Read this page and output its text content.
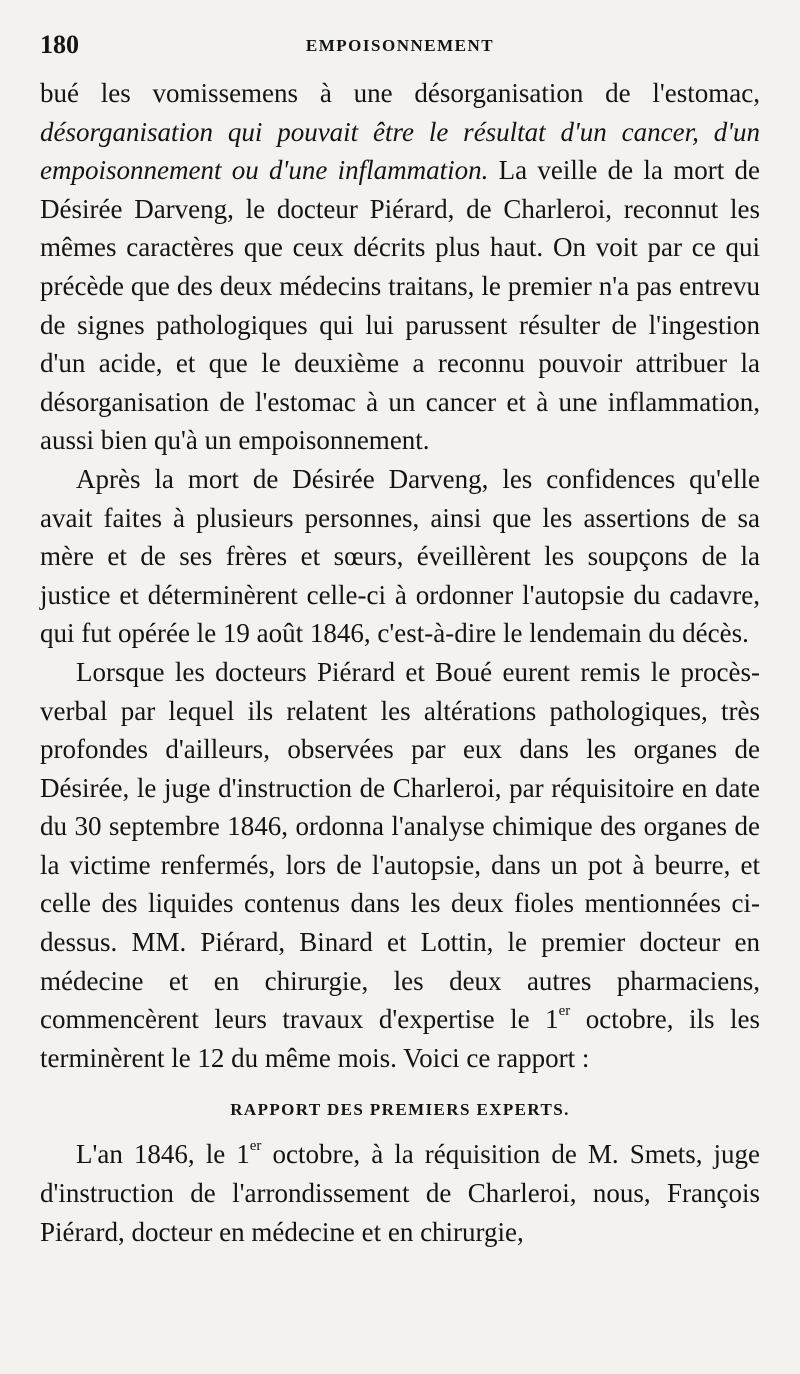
180	EMPOISONNEMENT

bué les vomissemens à une désorganisation de l'estomac, désorganisation qui pouvait être le résultat d'un cancer, d'un empoisonnement ou d'une inflammation. La veille de la mort de Désirée Darveng, le docteur Piérard, de Charleroi, reconnut les mêmes caractères que ceux décrits plus haut. On voit par ce qui précède que des deux médecins traitans, le premier n'a pas entrevu de signes pathologiques qui lui parussent résulter de l'ingestion d'un acide, et que le deuxième a reconnu pouvoir attribuer la désorganisation de l'estomac à un cancer et à une inflammation, aussi bien qu'à un empoisonnement.

Après la mort de Désirée Darveng, les confidences qu'elle avait faites à plusieurs personnes, ainsi que les assertions de sa mère et de ses frères et sœurs, éveillèrent les soupçons de la justice et déterminèrent celle-ci à ordonner l'autopsie du cadavre, qui fut opérée le 19 août 1846, c'est-à-dire le lendemain du décès.

Lorsque les docteurs Piérard et Boué eurent remis le procès-verbal par lequel ils relatent les altérations pathologiques, très profondes d'ailleurs, observées par eux dans les organes de Désirée, le juge d'instruction de Charleroi, par réquisitoire en date du 30 septembre 1846, ordonna l'analyse chimique des organes de la victime renfermés, lors de l'autopsie, dans un pot à beurre, et celle des liquides contenus dans les deux fioles mentionnées ci-dessus. MM. Piérard, Binard et Lottin, le premier docteur en médecine et en chirurgie, les deux autres pharmaciens, commencèrent leurs travaux d'expertise le 1er octobre, ils les terminèrent le 12 du même mois. Voici ce rapport :

RAPPORT DES PREMIERS EXPERTS.

L'an 1846, le 1er octobre, à la réquisition de M. Smets, juge d'instruction de l'arrondissement de Charleroi, nous, François Piérard, docteur en médecine et en chirurgie,
